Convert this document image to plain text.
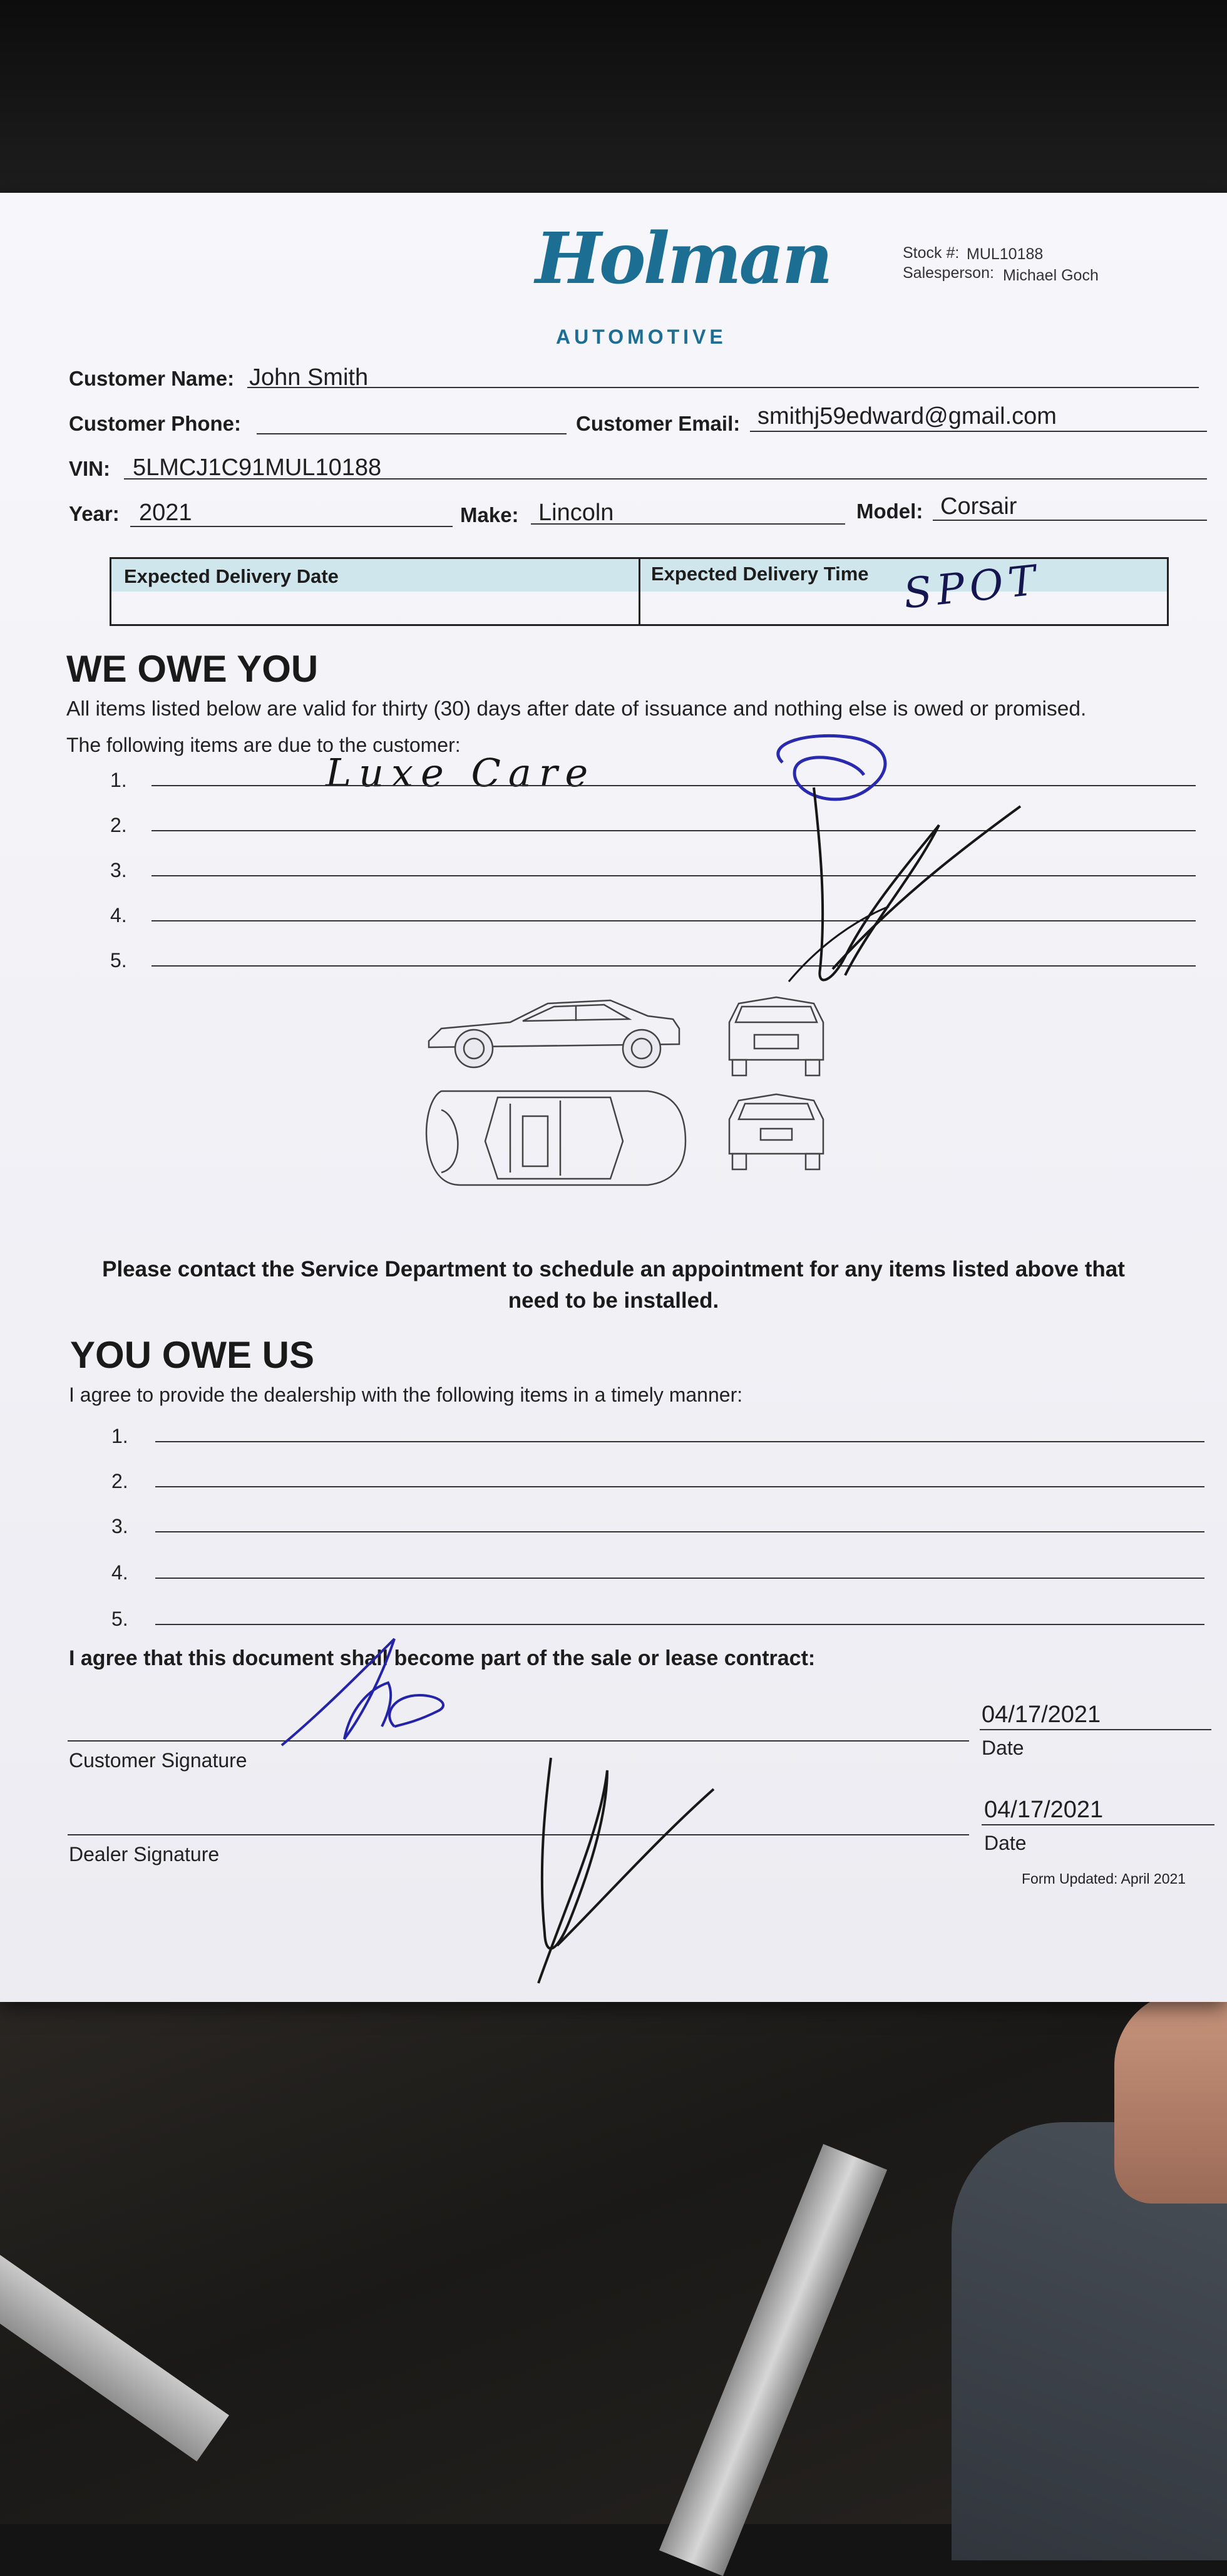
Holman
AUTOMOTIVE
Stock #: MUL10188
Salesperson: Michael Goch
Customer Name: John Smith
Customer Phone:	Customer Email: smithj59edward@gmail.com
VIN: 5LMCJ1C91MUL10188
Year: 2021	Make: Lincoln	Model: Corsair
Expected Delivery Date	Expected Delivery Time SPOT
WE OWE YOU
All items listed below are valid for thirty (30) days after date of issuance and nothing else is owed or promised.
The following items are due to the customer:
1.	Luxe Care
2.
3.
4.
5.
Please contact the Service Department to schedule an appointment for any items listed above that
need to be installed.
YOU OWE US
I agree to provide the dealership with the following items in a timely manner:
1.
2.
3.
4.
5.
I agree that this document shall become part of the sale or lease contract:
Customer Signature
04/17/2021
Date
Dealer Signature
04/17/2021
Date
Form Updated: April 2021
